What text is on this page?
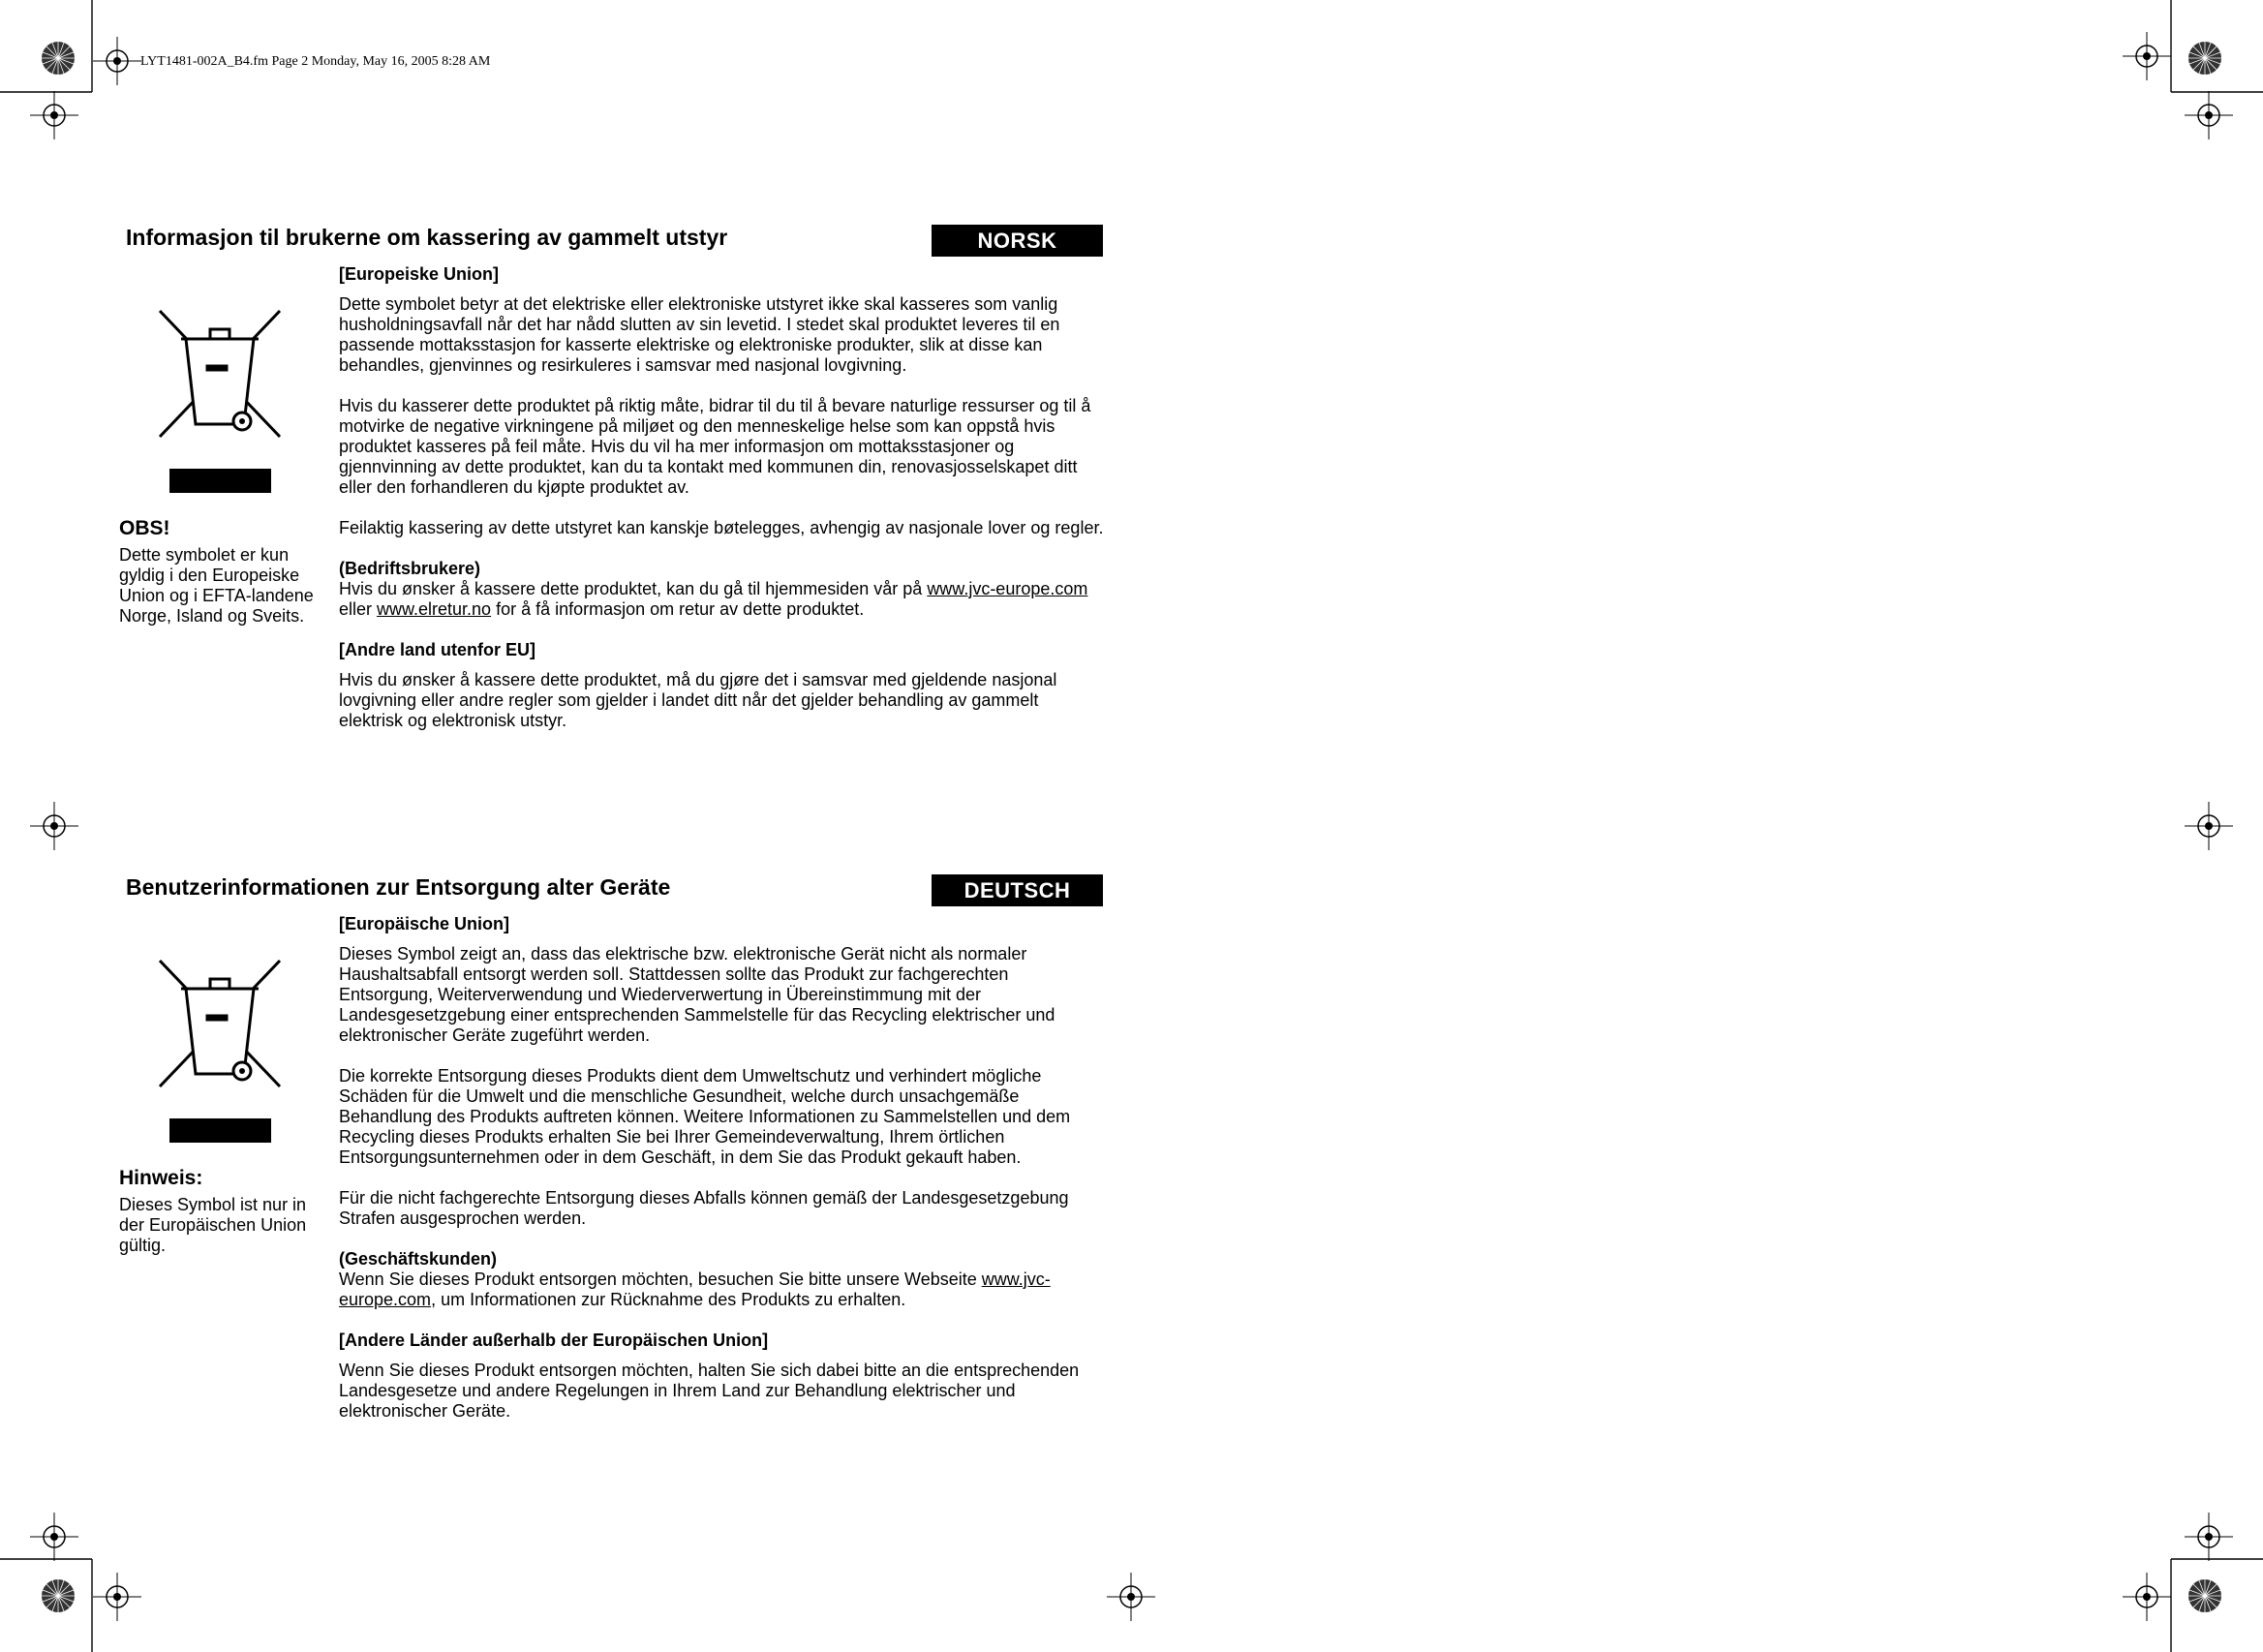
LYT1481-002A_B4.fm Page 2 Monday, May 16, 2005 8:28 AM
Informasjon til brukerne om kassering av gammelt utstyr	NORSK
OBS!
Dette symbolet er kun gyldig i den Europeiske Union og i EFTA-landene Norge, Island og Sveits.

[Europeiske Union]

Dette symbolet betyr at det elektriske eller elektroniske utstyret ikke skal kasseres som vanlig husholdningsavfall når det har nådd slutten av sin levetid. I stedet skal produktet leveres til en passende mottaksstasjon for kasserte elektriske og elektroniske produkter, slik at disse kan behandles, gjenvinnes og resirkuleres i samsvar med nasjonal lovgivning.

Hvis du kasserer dette produktet på riktig måte, bidrar til du til å bevare naturlige ressurser og til å motvirke de negative virkningene på miljøet og den menneskelige helse som kan oppstå hvis produktet kasseres på feil måte. Hvis du vil ha mer informasjon om mottaksstasjoner og gjennvinning av dette produktet, kan du ta kontakt med kommunen din, renovasjosselskapet ditt eller den forhandleren du kjøpte produktet av.

Feilaktig kassering av dette utstyret kan kanskje bøtelegges, avhengig av nasjonale lover og regler.

(Bedriftsbrukere)
Hvis du ønsker å kassere dette produktet, kan du gå til hjemmesiden vår på www.jvc-europe.com eller www.elretur.no for å få informasjon om retur av dette produktet.

[Andre land utenfor EU]

Hvis du ønsker å kassere dette produktet, må du gjøre det i samsvar med gjeldende nasjonal lovgivning eller andre regler som gjelder i landet ditt når det gjelder behandling av gammelt elektrisk og elektronisk utstyr.

Benutzerinformationen zur Entsorgung alter Geräte	DEUTSCH
Hinweis:
Dieses Symbol ist nur in der Europäischen Union gültig.

[Europäische Union]

Dieses Symbol zeigt an, dass das elektrische bzw. elektronische Gerät nicht als normaler Haushaltsabfall entsorgt werden soll. Stattdessen sollte das Produkt zur fachgerechten Entsorgung, Weiterverwendung und Wiederverwertung in Übereinstimmung mit der Landesgesetzgebung einer entsprechenden Sammelstelle für das Recycling elektrischer und elektronischer Geräte zugeführt werden.

Die korrekte Entsorgung dieses Produkts dient dem Umweltschutz und verhindert mögliche Schäden für die Umwelt und die menschliche Gesundheit, welche durch unsachgemäße Behandlung des Produkts auftreten können. Weitere Informationen zu Sammelstellen und dem Recycling dieses Produkts erhalten Sie bei Ihrer Gemeindeverwaltung, Ihrem örtlichen Entsorgungsunternehmen oder in dem Geschäft, in dem Sie das Produkt gekauft haben.

Für die nicht fachgerechte Entsorgung dieses Abfalls können gemäß der Landesgesetzgebung Strafen ausgesprochen werden.

(Geschäftskunden)
Wenn Sie dieses Produkt entsorgen möchten, besuchen Sie bitte unsere Webseite www.jvc-europe.com, um Informationen zur Rücknahme des Produkts zu erhalten.

[Andere Länder außerhalb der Europäischen Union]

Wenn Sie dieses Produkt entsorgen möchten, halten Sie sich dabei bitte an die entsprechenden Landesgesetze und andere Regelungen in Ihrem Land zur Behandlung elektrischer und elektronischer Geräte.
